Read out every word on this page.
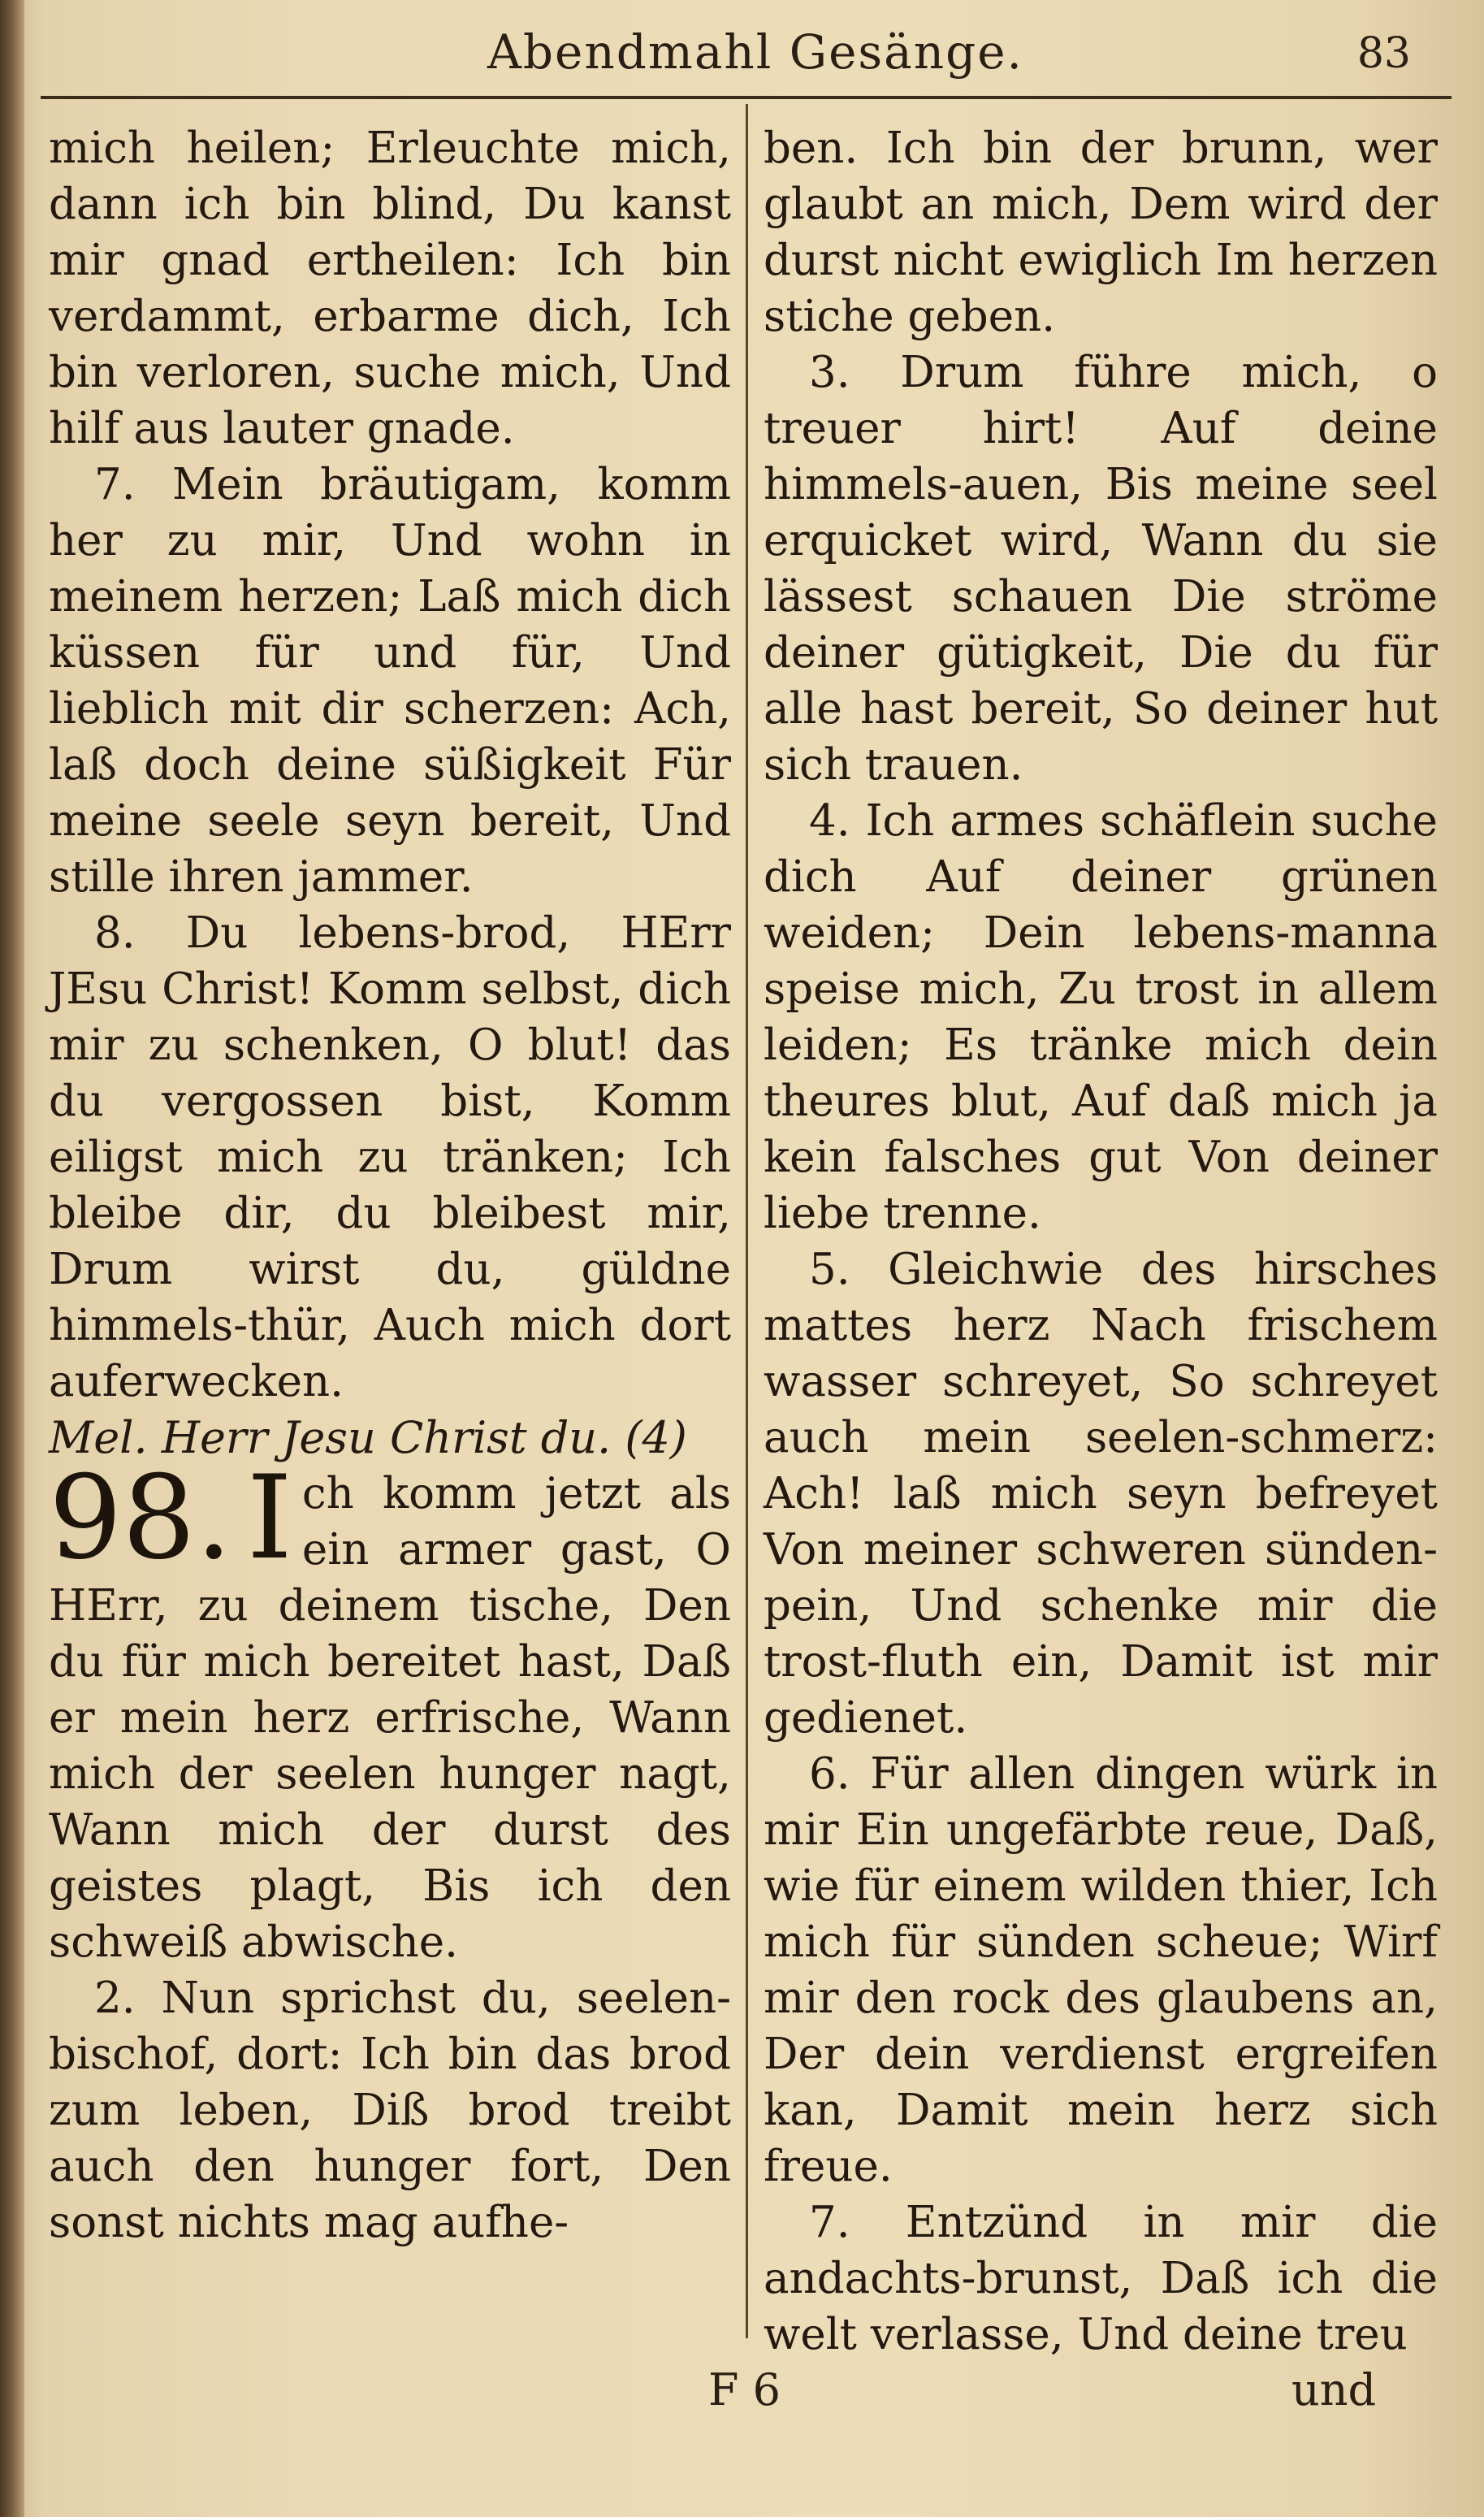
Abendmahl Gesänge.	83

mich heilen; Erleuchte mich, dann ich bin blind, Du kanst mir gnad ertheilen: Ich bin verdammt, erbarme dich, Ich bin verloren, suche mich, Und hilf aus lauter gnade.

7. Mein bräutigam, komm her zu mir, Und wohn in meinem herzen; Laß mich dich küssen für und für, Und lieblich mit dir scherzen: Ach, laß doch deine süßigkeit Für meine seele seyn bereit, Und stille ihren jammer.

8. Du lebens-brod, HErr JEsu Christ! Komm selbst, dich mir zu schenken, O blut! das du vergossen bist, Komm eiligst mich zu tränken; Ich bleibe dir, du bleibest mir, Drum wirst du, güldne himmels-thür, Auch mich dort auferwecken.

Mel. Herr Jesu Christ du. (4)

98. I ch komm jetzt als ein armer gast, O HErr, zu deinem tische, Den du für mich bereitet hast, Daß er mein herz erfrische, Wann mich der seelen hunger nagt, Wann mich der durst des geistes plagt, Bis ich den schweiß abwische.

2. Nun sprichst du, seelen-bischof, dort: Ich bin das brod zum leben, Diß brod treibt auch den hunger fort, Den sonst nichts mag aufhe-

ben. Ich bin der brunn, wer glaubt an mich, Dem wird der durst nicht ewiglich Im herzen stiche geben.

3. Drum führe mich, o treuer hirt! Auf deine himmels-auen, Bis meine seel erquicket wird, Wann du sie lässest schauen Die ströme deiner gütigkeit, Die du für alle hast bereit, So deiner hut sich trauen.

4. Ich armes schäflein suche dich Auf deiner grünen weiden; Dein lebens-manna speise mich, Zu trost in allem leiden; Es tränke mich dein theures blut, Auf daß mich ja kein falsches gut Von deiner liebe trenne.

5. Gleichwie des hirsches mattes herz Nach frischem wasser schreyet, So schreyet auch mein seelen-schmerz: Ach! laß mich seyn befreyet Von meiner schweren sünden-pein, Und schenke mir die trost-fluth ein, Damit ist mir gedienet.

6. Für allen dingen würk in mir Ein ungefärbte reue, Daß, wie für einem wilden thier, Ich mich für sünden scheue; Wirf mir den rock des glaubens an, Der dein verdienst ergreifen kan, Damit mein herz sich freue.

7. Entzünd in mir die andachts-brunst, Daß ich die welt verlasse, Und deine treu

F 6	und
